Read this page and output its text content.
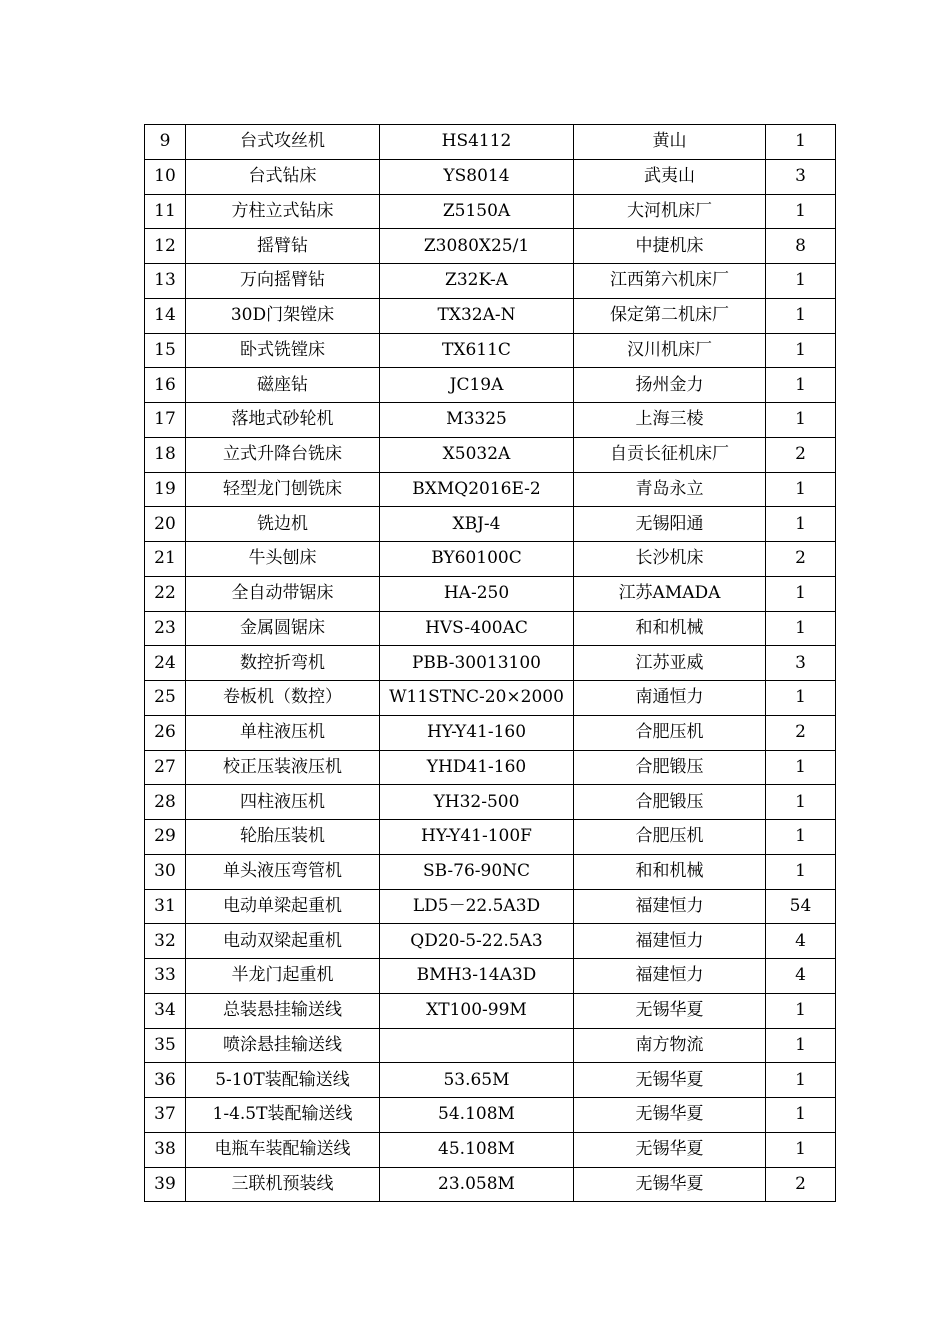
9	台式攻丝机	HS4112	黄山	1
10	台式钻床	YS8014	武夷山	3
11	方柱立式钻床	Z5150A	大河机床厂	1
12	摇臂钻	Z3080X25/1	中捷机床	8
13	万向摇臂钻	Z32K-A	江西第六机床厂	1
14	30D门架镗床	TX32A-N	保定第二机床厂	1
15	卧式铣镗床	TX611C	汉川机床厂	1
16	磁座钻	JC19A	扬州金力	1
17	落地式砂轮机	M3325	上海三棱	1
18	立式升降台铣床	X5032A	自贡长征机床厂	2
19	轻型龙门刨铣床	BXMQ2016E-2	青岛永立	1
20	铣边机	XBJ-4	无锡阳通	1
21	牛头刨床	BY60100C	长沙机床	2
22	全自动带锯床	HA-250	江苏AMADA	1
23	金属圆锯床	HVS-400AC	和和机械	1
24	数控折弯机	PBB-30013100	江苏亚威	3
25	卷板机（数控）	W11STNC-20×2000	南通恒力	1
26	单柱液压机	HY-Y41-160	合肥压机	2
27	校正压装液压机	YHD41-160	合肥锻压	1
28	四柱液压机	YH32-500	合肥锻压	1
29	轮胎压装机	HY-Y41-100F	合肥压机	1
30	单头液压弯管机	SB-76-90NC	和和机械	1
31	电动单梁起重机	LD5－22.5A3D	福建恒力	54
32	电动双梁起重机	QD20-5-22.5A3	福建恒力	4
33	半龙门起重机	BMH3-14A3D	福建恒力	4
34	总装悬挂输送线	XT100-99M	无锡华夏	1
35	喷涂悬挂输送线		南方物流	1
36	5-10T装配输送线	53.65M	无锡华夏	1
37	1-4.5T装配输送线	54.108M	无锡华夏	1
38	电瓶车装配输送线	45.108M	无锡华夏	1
39	三联机预装线	23.058M	无锡华夏	2
